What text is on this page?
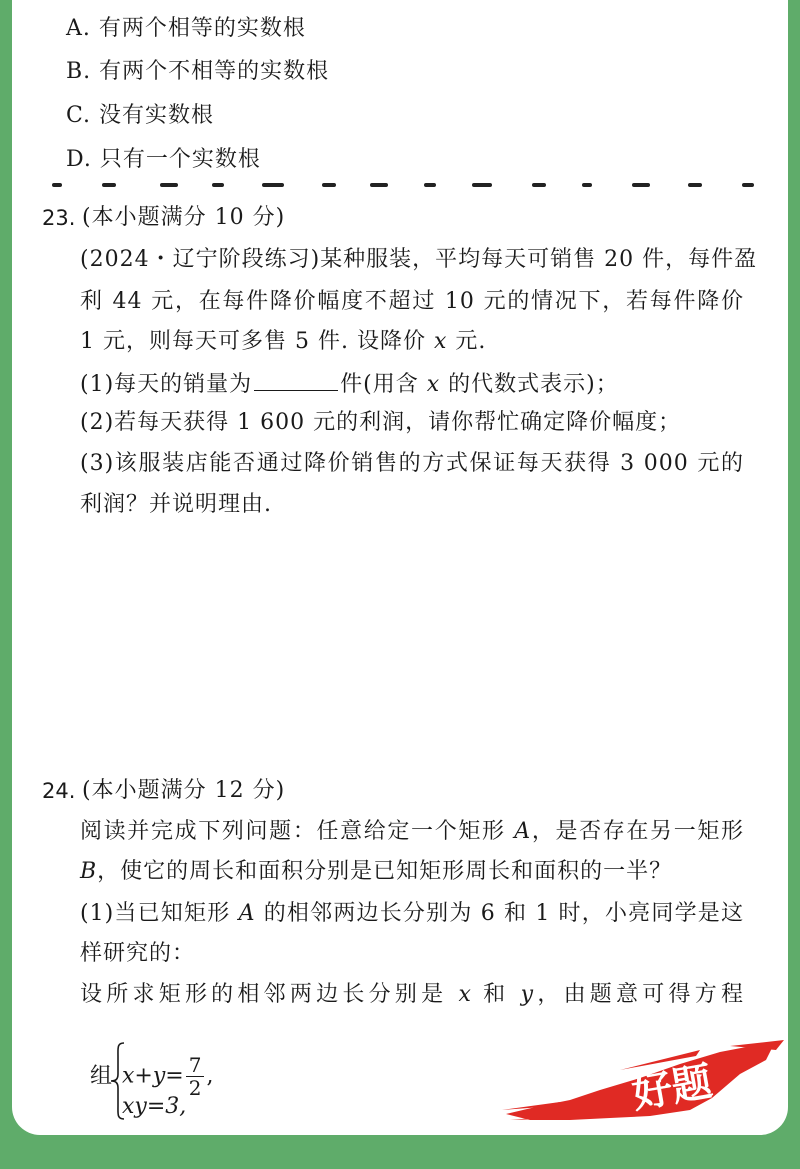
A. 有两个相等的实数根
B. 有两个不相等的实数根
C. 没有实数根
D. 只有一个实数根
23. (本小题满分 10 分)
(2024・辽宁阶段练习)某种服装，平均每天可销售 20 件，每件盈
利 44 元，在每件降价幅度不超过 10 元的情况下，若每件降价
1 元，则每天可多售 5 件. 设降价 x 元.
(1)每天的销量为	件(用含 x 的代数式表示)；
(2)若每天获得 1 600 元的利润，请你帮忙确定降价幅度；
(3)该服装店能否通过降价销售的方式保证每天获得 3 000 元的
利润？并说明理由.
24. (本小题满分 12 分)
阅读并完成下列问题：任意给定一个矩形 A，是否存在另一矩形
B，使它的周长和面积分别是已知矩形周长和面积的一半？
(1)当已知矩形 A 的相邻两边长分别为 6 和 1 时，小亮同学是这
样研究的：
设所求矩形的相邻两边长分别是 x 和 y，由题意可得方程
组 $x+y= \frac{7}{2}$ ,
xy=3,	好题
